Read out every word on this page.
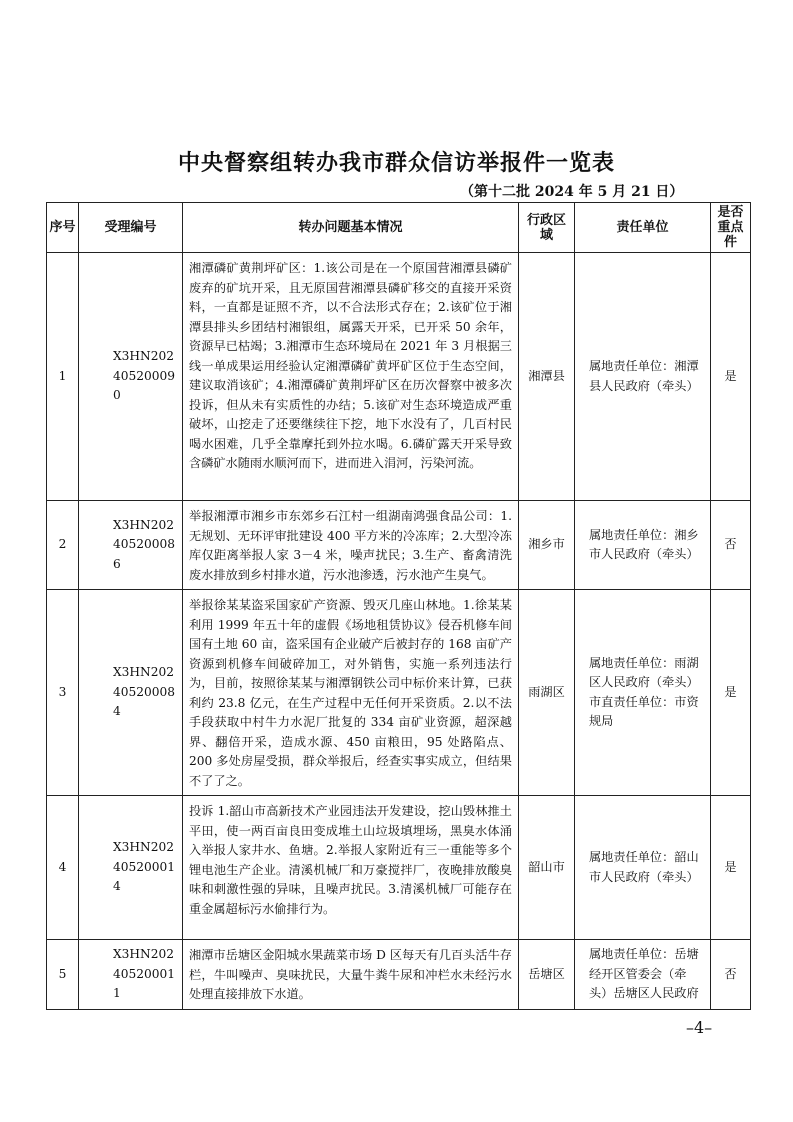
中央督察组转办我市群众信访举报件一览表
（第十二批 2024 年 5 月 21 日）
序号	受理编号	转办问题基本情况	行政区域	责任单位	是否重点件
1	X3HN202405200090	湘潭磷矿黄荆坪矿区：1.该公司是在一个原国营湘潭县磷矿废弃的矿坑开采，且无原国营湘潭县磷矿移交的直接开采资料，一直都是证照不齐，以不合法形式存在；2.该矿位于湘潭县排头乡团结村湘银组，属露天开采，已开采 50 余年，资源早已枯竭；3.湘潭市生态环境局在 2021 年 3 月根据三线一单成果运用经验认定湘潭磷矿黄坪矿区位于生态空间，建议取消该矿；4.湘潭磷矿黄荆坪矿区在历次督察中被多次投诉，但从未有实质性的办结；5.该矿对生态环境造成严重破坏，山挖走了还要继续往下挖，地下水没有了，几百村民喝水困难，几乎全靠摩托到外拉水喝。6.磷矿露天开采导致含磷矿水随雨水顺河而下，进而进入涓河，污染河流。	湘潭县	属地责任单位：湘潭县人民政府（牵头）	是
2	X3HN202405200086	举报湘潭市湘乡市东郊乡石江村一组湖南鸿强食品公司：1.无规划、无环评审批建设 400 平方米的冷冻库；2.大型冷冻库仅距离举报人家 3－4 米，噪声扰民；3.生产、畜禽清洗废水排放到乡村排水道，污水池渗透，污水池产生臭气。	湘乡市	属地责任单位：湘乡市人民政府（牵头）	否
3	X3HN202405200084	举报徐某某盗采国家矿产资源、毁灭几座山林地。1.徐某某利用 1999 年五十年的虚假《场地租赁协议》侵吞机修车间国有土地 60 亩，盗采国有企业破产后被封存的 168 亩矿产资源到机修车间破碎加工，对外销售，实施一系列违法行为，目前，按照徐某某与湘潭钢铁公司中标价来计算，已获利约 23.8 亿元，在生产过程中无任何开采资质。2.以不法手段获取中村牛力水泥厂批复的 334 亩矿业资源，超深越界、翻倍开采，造成水源、450 亩粮田，95 处路陷点、200 多处房屋受损，群众举报后，经查实事实成立，但结果不了了之。	雨湖区	属地责任单位：雨湖区人民政府（牵头）市直责任单位：市资规局	是
4	X3HN202405200014	投诉 1.韶山市高新技术产业园违法开发建设，挖山毁林推土平田，使一两百亩良田变成堆土山垃圾填埋场，黑臭水体涌入举报人家井水、鱼塘。2.举报人家附近有三一重能等多个锂电池生产企业。清溪机械厂和万豪搅拌厂，夜晚排放酸臭味和刺激性强的异味，且噪声扰民。3.清溪机械厂可能存在重金属超标污水偷排行为。	韶山市	属地责任单位：韶山市人民政府（牵头）	是
5	X3HN202405200011	湘潭市岳塘区金阳城水果蔬菜市场 D 区每天有几百头活牛存栏，牛叫噪声、臭味扰民，大量牛粪牛尿和冲栏水未经污水处理直接排放下水道。	岳塘区	属地责任单位：岳塘经开区管委会（牵头）岳塘区人民政府	否
–4–
